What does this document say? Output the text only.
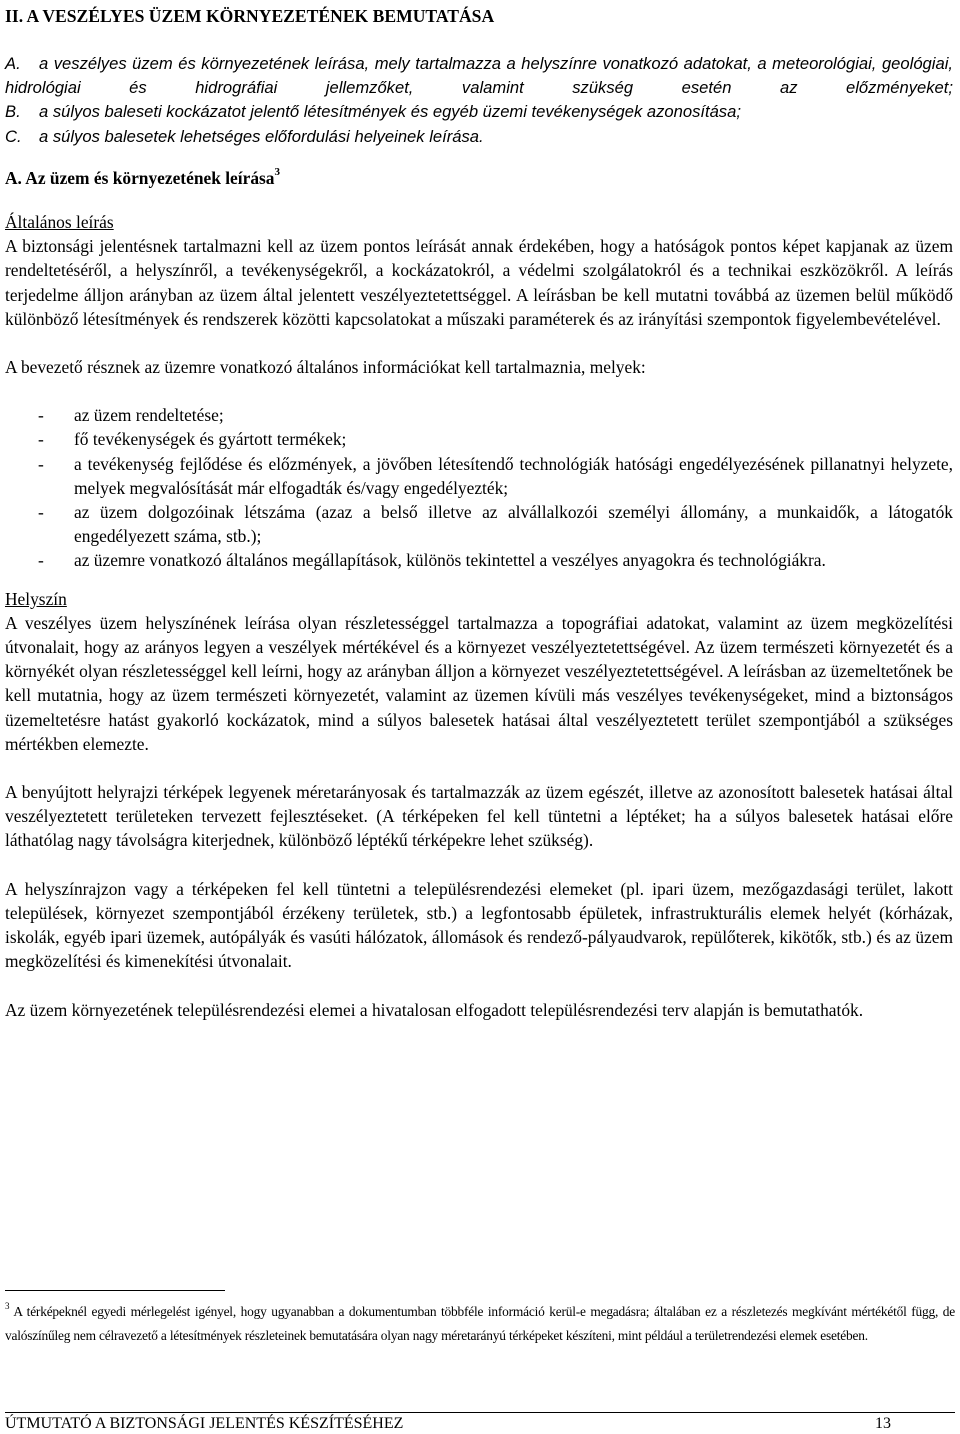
II. A VESZÉLYES ÜZEM KÖRNYEZETÉNEK BEMUTATÁSA
A. a veszélyes üzem és környezetének leírása, mely tartalmazza a helyszínre vonatkozó adatokat, a meteorológiai, geológiai, hidrológiai és hidrográfiai jellemzőket, valamint szükség esetén az előzményeket;
B. a súlyos baleseti kockázatot jelentő létesítmények és egyéb üzemi tevékenységek azonosítása;
C. a súlyos balesetek lehetséges előfordulási helyeinek leírása.
A. Az üzem és környezetének leírása$^3$
Általános leírás

A biztonsági jelentésnek tartalmazni kell az üzem pontos leírását annak érdekében, hogy a hatóságok pontos képet kapjanak az üzem rendeltetéséről, a helyszínről, a tevékenységekről, a kockázatokról, a védelmi szolgálatokról és a technikai eszközökről. A leírás terjedelme álljon arányban az üzem által jelentett veszélyeztetettséggel. A leírásban be kell mutatni továbbá az üzemen belül működő különböző létesítmények és rendszerek közötti kapcsolatokat a műszaki paraméterek és az irányítási szempontok figyelembevételével.

A bevezető résznek az üzemre vonatkozó általános információkat kell tartalmaznia, melyek:

- az üzem rendeltetése;
- fő tevékenységek és gyártott termékek;
- a tevékenység fejlődése és előzmények, a jövőben létesítendő technológiák hatósági engedélyezésének pillanatnyi helyzete, melyek megvalósítását már elfogadták és/vagy engedélyezték;
- az üzem dolgozóinak létszáma (azaz a belső illetve az alvállalkozói személyi állomány, a munkaidők, a látogatók engedélyezett száma, stb.);
- az üzemre vonatkozó általános megállapítások, különös tekintettel a veszélyes anyagokra és technológiákra.
Helyszín

A veszélyes üzem helyszínének leírása olyan részletességgel tartalmazza a topográfiai adatokat, valamint az üzem megközelítési útvonalait, hogy az arányos legyen a veszélyek mértékével és a környezet veszélyeztetettségével. Az üzem természeti környezetét és a környékét olyan részletességgel kell leírni, hogy az arányban álljon a környezet veszélyeztetettségével. A leírásban az üzemeltetőnek be kell mutatnia, hogy az üzem természeti környezetét, valamint az üzemen kívüli más veszélyes tevékenységeket, mind a biztonságos üzemeltetésre hatást gyakorló kockázatok, mind a súlyos balesetek hatásai által veszélyeztetett terület szempontjából a szükséges mértékben elemezte.

A benyújtott helyrajzi térképek legyenek méretarányosak és tartalmazzák az üzem egészét, illetve az azonosított balesetek hatásai által veszélyeztetett területeken tervezett fejlesztéseket. (A térképeken fel kell tüntetni a léptéket; ha a súlyos balesetek hatásai előre láthatólag nagy távolságra kiterjednek, különböző léptékű térképekre lehet szükség).

A helyszínrajzon vagy a térképeken fel kell tüntetni a településrendezési elemeket (pl. ipari üzem, mezőgazdasági terület, lakott települések, környezet szempontjából érzékeny területek, stb.) a legfontosabb épületek, infrastrukturális elemek helyét (kórházak, iskolák, egyéb ipari üzemek, autópályák és vasúti hálózatok, állomások és rendező-pályaudvarok, repülőterek, kikötők, stb.) és az üzem megközelítési és kimenekítési útvonalait.

Az üzem környezetének településrendezési elemei a hivatalosan elfogadott településrendezési terv alapján is bemutathatók.

$^3$ A térképeknél egyedi mérlegelést igényel, hogy ugyanabban a dokumentumban többféle információ kerül-e megadásra; általában ez a részletezés megkívánt mértékétől függ, de valószínűleg nem célravezető a létesítmények részleteinek bemutatására olyan nagy méretarányú térképeket készíteni, mint például a területrendezési elemek esetében.
ÚTMUTATÓ A BIZTONSÁGI JELENTÉS KÉSZÍTÉSÉHEZ	13
